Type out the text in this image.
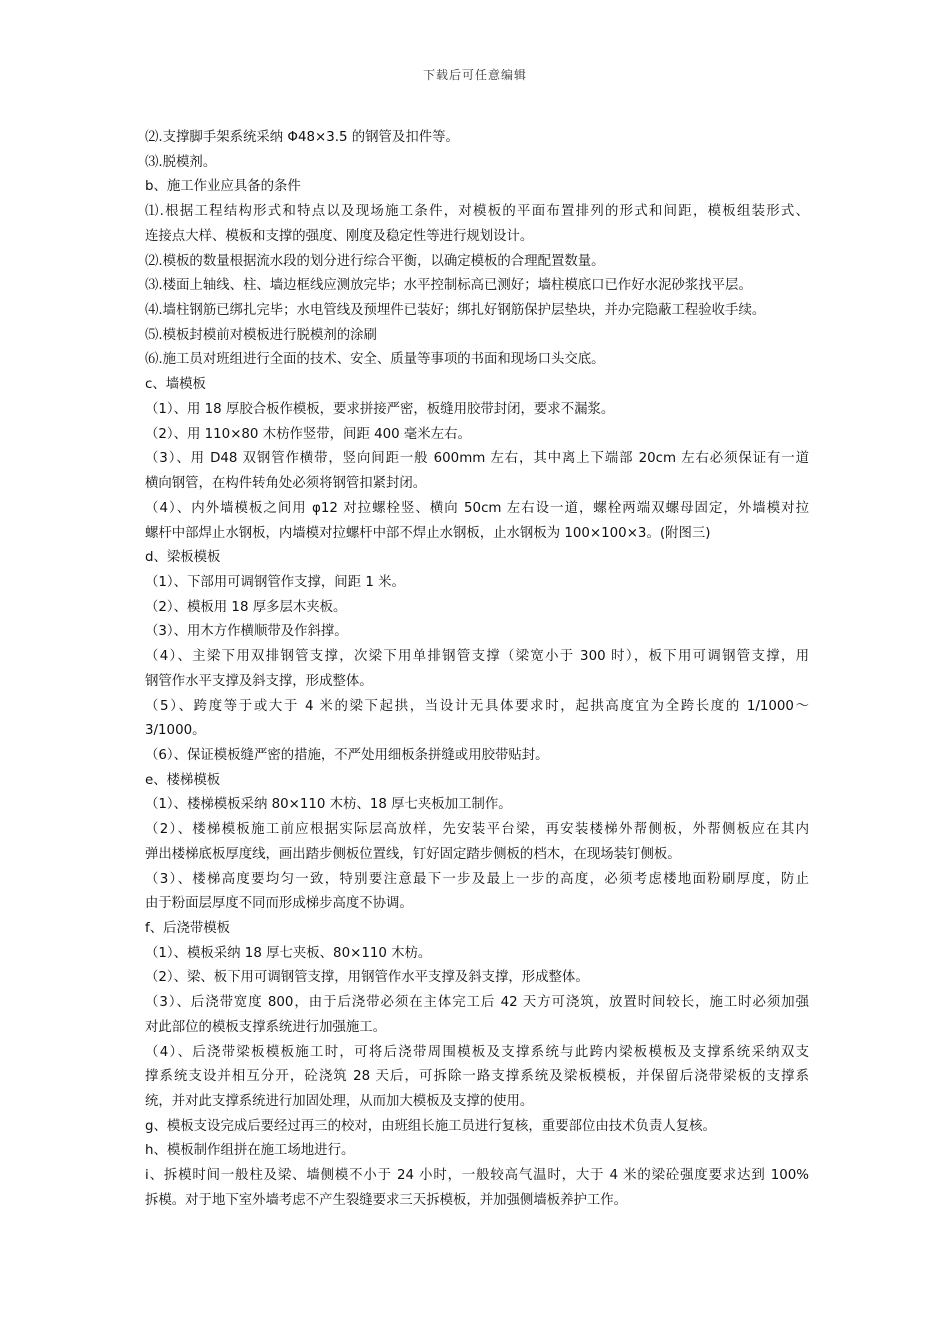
下载后可任意编辑
⑵.支撑脚手架系统采纳 Φ48×3.5 的钢管及扣件等。
⑶.脱模剂。
b、施工作业应具备的条件
⑴.根据工程结构形式和特点以及现场施工条件，对模板的平面布置排列的形式和间距，模板组装形式、
连接点大样、模板和支撑的强度、刚度及稳定性等进行规划设计。
⑵.模板的数量根据流水段的划分进行综合平衡，以确定模板的合理配置数量。
⑶.楼面上轴线、柱、墙边框线应测放完毕；水平控制标高已测好；墙柱模底口已作好水泥砂浆找平层。
⑷.墙柱钢筋已绑扎完毕；水电管线及预埋件已装好；绑扎好钢筋保护层垫块，并办完隐蔽工程验收手续。
⑸.模板封模前对模板进行脱模剂的涂刷
⑹.施工员对班组进行全面的技术、安全、质量等事项的书面和现场口头交底。
c、墙模板
（1）、用 18 厚胶合板作模板，要求拼接严密，板缝用胶带封闭，要求不漏浆。
（2）、用 110×80 木枋作竖带，间距 400 毫米左右。
（3）、用 D48 双钢管作横带，竖向间距一般 600mm 左右，其中离上下端部 20cm 左右必须保证有一道
横向钢管，在构件转角处必须将钢管扣紧封闭。
（4）、内外墙模板之间用 φ12 对拉螺栓竖、横向 50cm 左右设一道，螺栓两端双螺母固定，外墙模对拉
螺杆中部焊止水钢板，内墙模对拉螺杆中部不焊止水钢板，止水钢板为 100×100×3。(附图三)
d、梁板模板
（1）、下部用可调钢管作支撑，间距 1 米。
（2）、模板用 18 厚多层木夹板。
（3）、用木方作横顺带及作斜撑。
（4）、主梁下用双排钢管支撑，次梁下用单排钢管支撑（梁宽小于 300 时），板下用可调钢管支撑，用
钢管作水平支撑及斜支撑，形成整体。
（5）、跨度等于或大于 4 米的梁下起拱，当设计无具体要求时，起拱高度宜为全跨长度的 1/1000～
3/1000。
（6）、保证模板缝严密的措施，不严处用细板条拼缝或用胶带贴封。
e、楼梯模板
（1）、楼梯模板采纳 80×110 木枋、18 厚七夹板加工制作。
（2）、楼梯模板施工前应根据实际层高放样，先安装平台梁，再安装楼梯外帮侧板，外帮侧板应在其内
弹出楼梯底板厚度线，画出踏步侧板位置线，钉好固定踏步侧板的档木，在现场装钉侧板。
（3）、楼梯高度要均匀一致，特别要注意最下一步及最上一步的高度，必须考虑楼地面粉刷厚度，防止
由于粉面层厚度不同而形成梯步高度不协调。
f、后浇带模板
（1）、模板采纳 18 厚七夹板、80×110 木枋。
（2）、梁、板下用可调钢管支撑，用钢管作水平支撑及斜支撑，形成整体。
（3）、后浇带宽度 800，由于后浇带必须在主体完工后 42 天方可浇筑，放置时间较长，施工时必须加强
对此部位的模板支撑系统进行加强施工。
（4）、后浇带梁板模板施工时，可将后浇带周围模板及支撑系统与此跨内梁板模板及支撑系统采纳双支
撑系统支设并相互分开，砼浇筑 28 天后，可拆除一路支撑系统及梁板模板，并保留后浇带梁板的支撑系
统，并对此支撑系统进行加固处理，从而加大模板及支撑的使用。
g、模板支设完成后要经过再三的校对，由班组长施工员进行复核，重要部位由技术负责人复核。
h、模板制作组拼在施工场地进行。
i、拆模时间一般柱及梁、墙侧模不小于 24 小时，一般较高气温时，大于 4 米的梁砼强度要求达到 100%
拆模。对于地下室外墙考虑不产生裂缝要求三天拆模板，并加强侧墙板养护工作。
